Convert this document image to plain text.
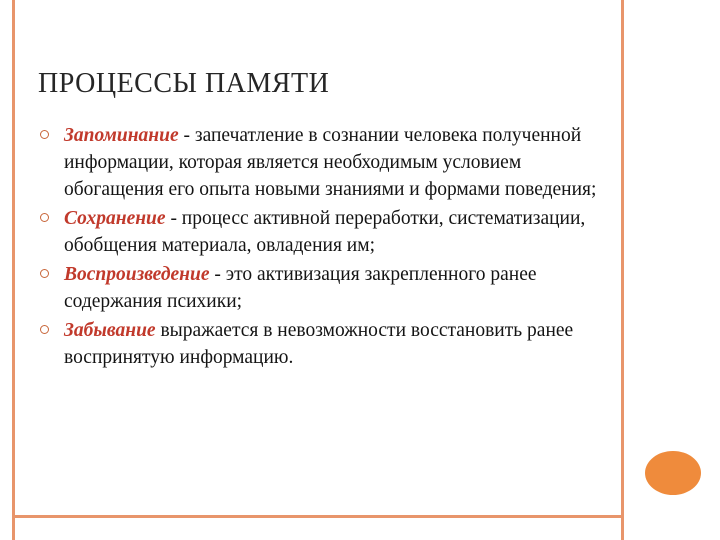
ПРОЦЕССЫ ПАМЯТИ
Запоминание - запечатление в сознании человека полученной информации, которая является необходимым условием обогащения его опыта новыми знаниями и формами поведения;
Сохранение - процесс активной переработки, систематизации, обобщения материала, овладения им;
Воспроизведение - это активизация закрепленного ранее содержания психики;
Забывание выражается в невозможности восстановить ранее воспринятую информацию.
